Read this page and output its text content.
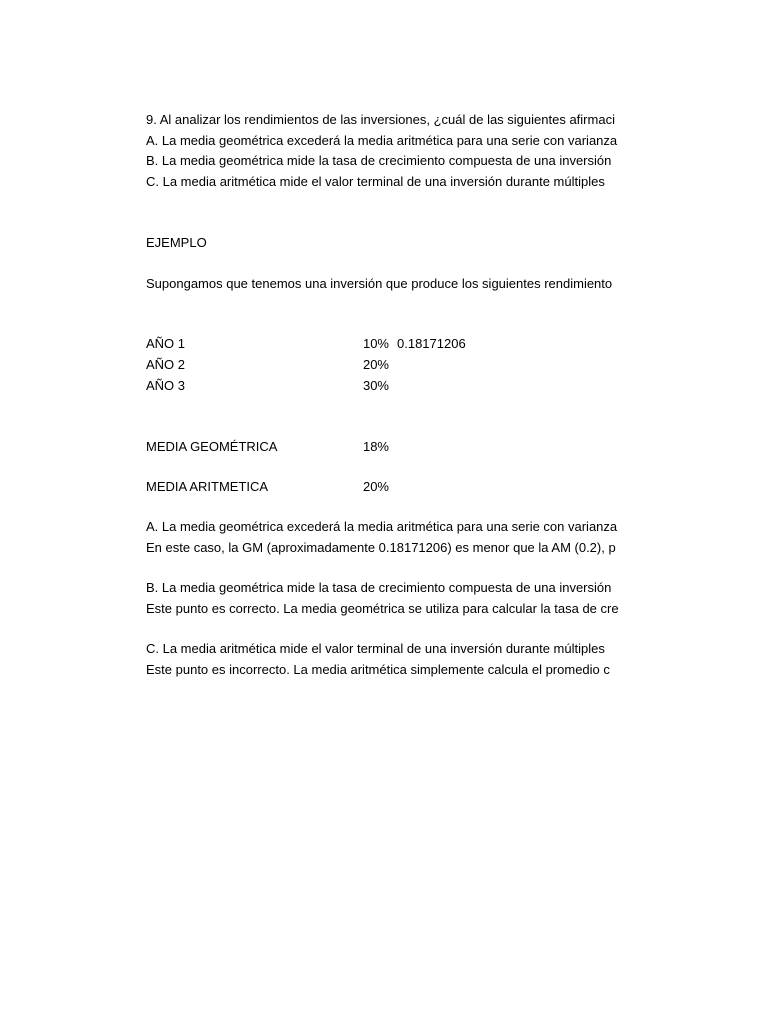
9. Al analizar los rendimientos de las inversiones, ¿cuál de las siguientes afirmaci
A. La media geométrica excederá la media aritmética para una serie con varianza
B. La media geométrica mide la tasa de crecimiento compuesta de una inversión
C. La media aritmética mide el valor terminal de una inversión durante múltiples
EJEMPLO
Supongamos que tenemos una inversión que produce los siguientes rendimiento
AÑO 1	10% 0.18171206
AÑO 2	20%
AÑO 3	30%
MEDIA GEOMÉTRICA	18%
MEDIA ARITMETICA	20%
A. La media geométrica excederá la media aritmética para una serie con varianza
En este caso, la GM (aproximadamente 0.18171206) es menor que la AM (0.2), p
B. La media geométrica mide la tasa de crecimiento compuesta de una inversión
Este punto es correcto. La media geométrica se utiliza para calcular la tasa de cre
C. La media aritmética mide el valor terminal de una inversión durante múltiples
Este punto es incorrecto. La media aritmética simplemente calcula el promedio c
